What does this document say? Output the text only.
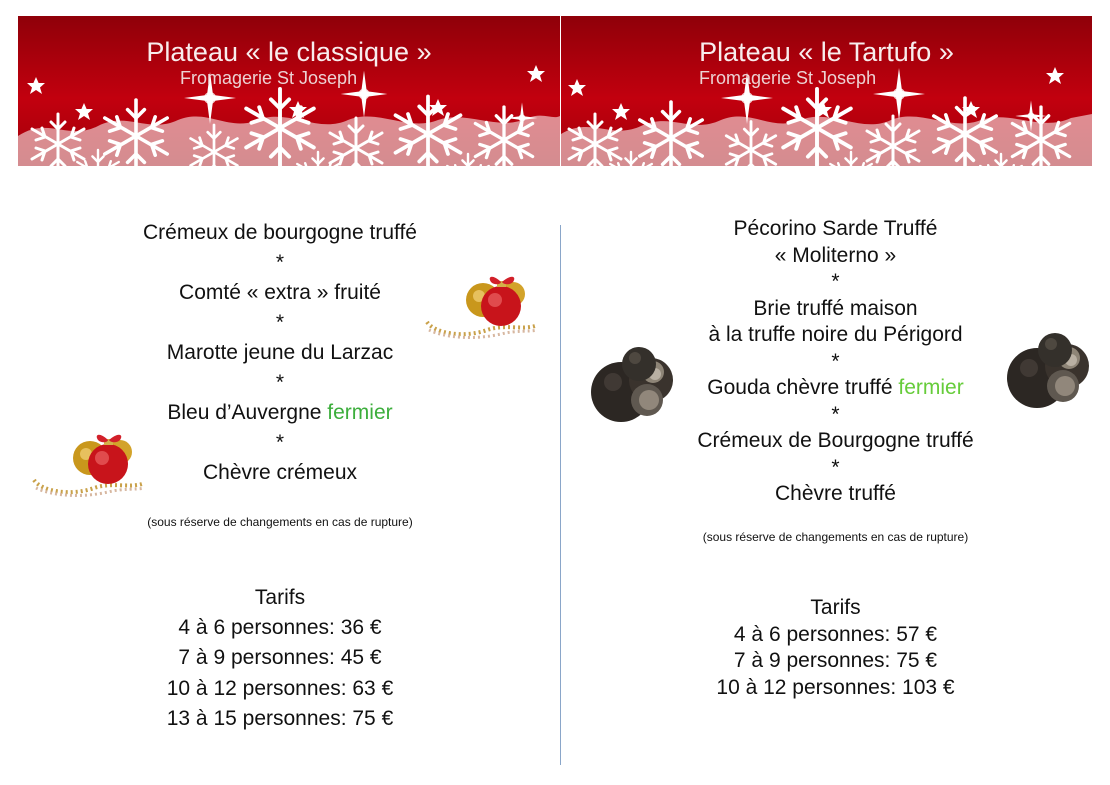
Plateau « le classique »
Fromagerie St Joseph
Crémeux de bourgogne truffé
*
Comté « extra » fruité
*
Marotte jeune du Larzac
*
Bleu d’Auvergne fermier
*
Chèvre crémeux
(sous réserve de changements en cas de rupture)
Tarifs
4 à 6 personnes: 36 €
7 à 9 personnes: 45 €
10 à 12 personnes: 63 €
13 à 15 personnes: 75 €
Plateau « le Tartufo »
Fromagerie St Joseph
Pécorino Sarde Truffé
« Moliterno »
*
Brie truffé maison
à la truffe noire du Périgord
*
Gouda chèvre truffé fermier
*
Crémeux de Bourgogne truffé
*
Chèvre truffé
(sous réserve de changements en cas de rupture)
Tarifs
4 à 6 personnes: 57 €
7 à 9 personnes: 75 €
10 à 12 personnes: 103 €
